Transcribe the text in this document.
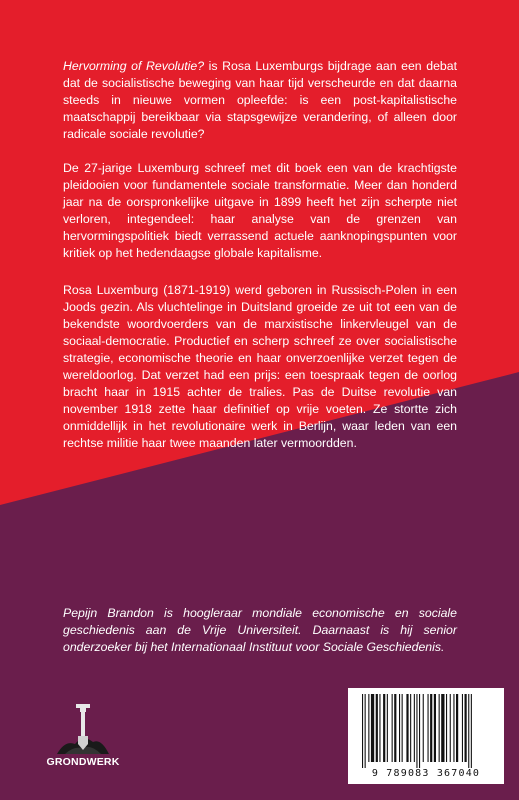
Hervorming of Revolutie? is Rosa Luxemburgs bijdrage aan een debat dat de socialistische beweging van haar tijd verscheurde en dat daarna steeds in nieuwe vormen opleefde: is een post-kapitalistische maatschappij bereikbaar via stapsgewijze verandering, of alleen door radicale sociale revolutie?

De 27-jarige Luxemburg schreef met dit boek een van de krachtigste pleidooien voor fundamentele sociale transformatie. Meer dan honderd jaar na de oorspronkelijke uitgave in 1899 heeft het zijn scherpte niet verloren, integendeel: haar analyse van de grenzen van hervormingspolitiek biedt verrassend actuele aanknopingspunten voor kritiek op het hedendaagse globale kapitalisme.

Rosa Luxemburg (1871-1919) werd geboren in Russisch-Polen in een Joods gezin. Als vluchtelinge in Duitsland groeide ze uit tot een van de bekendste woordvoerders van de marxistische linkervleugel van de sociaal-democratie. Productief en scherp schreef ze over socialistische strategie, economische theorie en haar onverzoenlijke verzet tegen de wereldoorlog. Dat verzet had een prijs: een toespraak tegen de oorlog bracht haar in 1915 achter de tralies. Pas de Duitse revolutie van november 1918 zette haar definitief op vrije voeten. Ze stortte zich onmiddellijk in het revolutionaire werk in Berlijn, waar leden van een rechtse militie haar twee maanden later vermoordden.

Pepijn Brandon is hoogleraar mondiale economische en sociale geschiedenis aan de Vrije Universiteit. Daarnaast is hij senior onderzoeker bij het Internationaal Instituut voor Sociale Geschiedenis.

GRONDWERK
9 789083 367040
